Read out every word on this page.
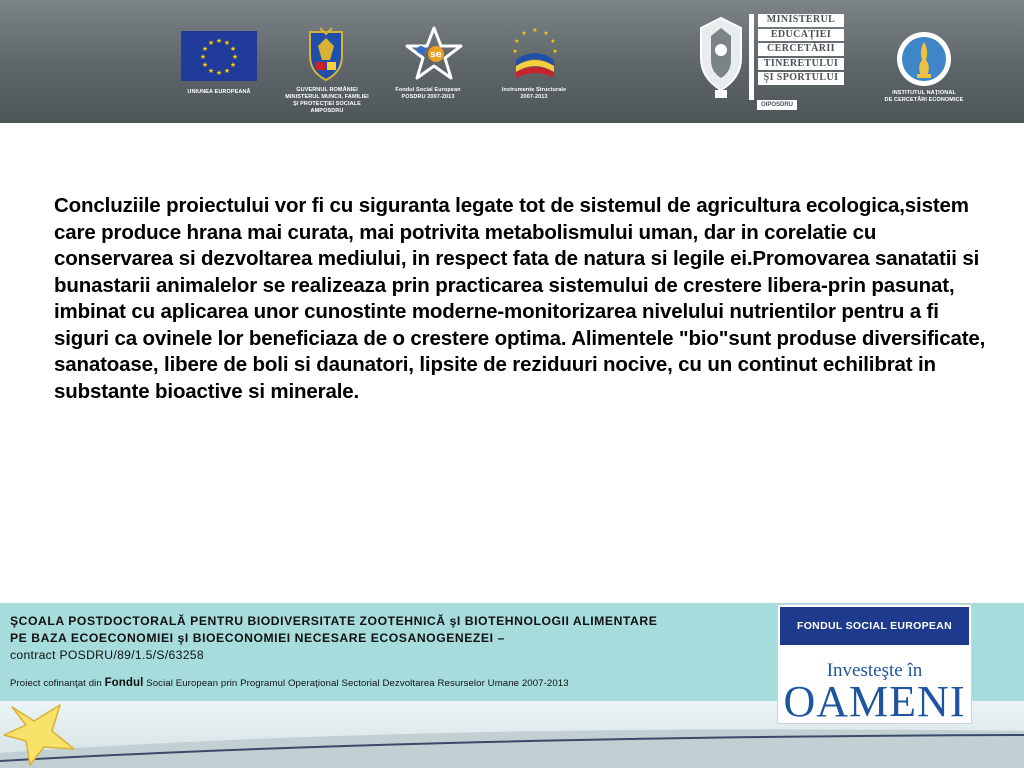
★ ★
★
★
★
★
★
★
★
★
★
★
UNIUNEA EUROPEANĂ	GUVERNUL ROMÂNIEI
MINISTERUL MUNCII, FAMILIEI
ŞI PROTECŢIEI SOCIALE
AMPOSDRU
se
Fondul Social European
POSDRU 2007-2013
★ ★
★
★
★
★
★
Instrumente Structurale
2007-2013
MINISTERUL
EDUCAŢIEI
CERCETĂRII
TINERETULUI
ŞI SPORTULUI
OIPOSDRU
INSTITUTUL NAŢIONAL
DE CERCETĂRI ECONOMICE

Concluziile proiectului vor fi cu siguranta legate tot de sistemul de agricultura ecologica,sistem care produce hrana mai curata, mai potrivita metabolismului uman, dar in corelatie cu conservarea si dezvoltarea mediului, in respect fata de natura si legile ei.Promovarea sanatatii si bunastarii animalelor se realizeaza prin practicarea sistemului de crestere libera-prin pasunat, imbinat cu aplicarea unor cunostinte moderne-monitorizarea nivelului nutrientilor pentru a fi siguri ca ovinele lor beneficiaza de o crestere optima. Alimentele "bio"sunt produse diversificate, sanatoase, libere de boli si daunatori, lipsite de reziduuri nocive, cu un continut echilibrat in substante bioactive si minerale.

ŞCOALA POSTDOCTORALĂ PENTRU BIODIVERSITATE ZOOTEHNICĂ şI BIOTEHNOLOGII ALIMENTARE
PE BAZA ECOECONOMIEI şI BIOECONOMIEI NECESARE ECOSANOGENEZEI –
contract POSDRU/89/1.5/S/63258

Proiect cofinanţat din Fondul Social European prin Programul Operaţional Sectorial Dezvoltarea Resurselor Umane 2007-2013
FONDUL SOCIAL EUROPEAN
Investeşte în
OAMENI
